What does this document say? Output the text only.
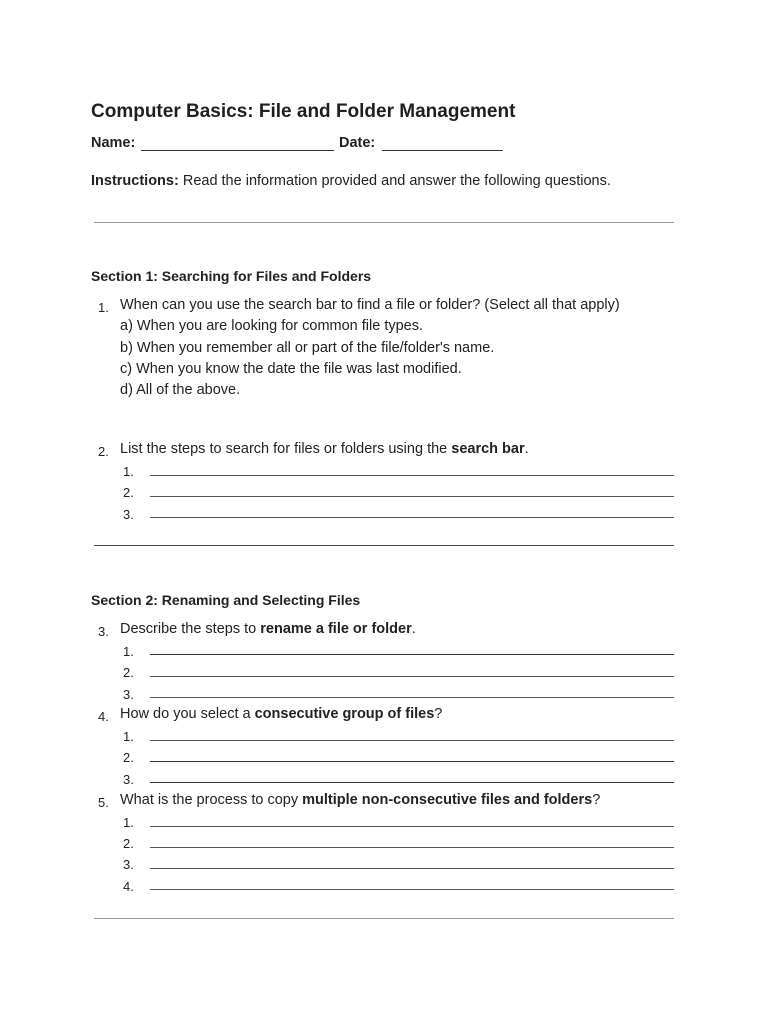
Computer Basics: File and Folder Management
Name:	Date:
Instructions: Read the information provided and answer the following questions.
Section 1: Searching for Files and Folders
1. When can you use the search bar to find a file or folder? (Select all that apply)
a) When you are looking for common file types.
b) When you remember all or part of the file/folder's name.
c) When you know the date the file was last modified.
d) All of the above.
2. List the steps to search for files or folders using the search bar.
1.
2.
3.
Section 2: Renaming and Selecting Files
3. Describe the steps to rename a file or folder.
1.
2.
3.
4. How do you select a consecutive group of files?
1.
2.
3.
5. What is the process to copy multiple non-consecutive files and folders?
1.
2.
3.
4.
